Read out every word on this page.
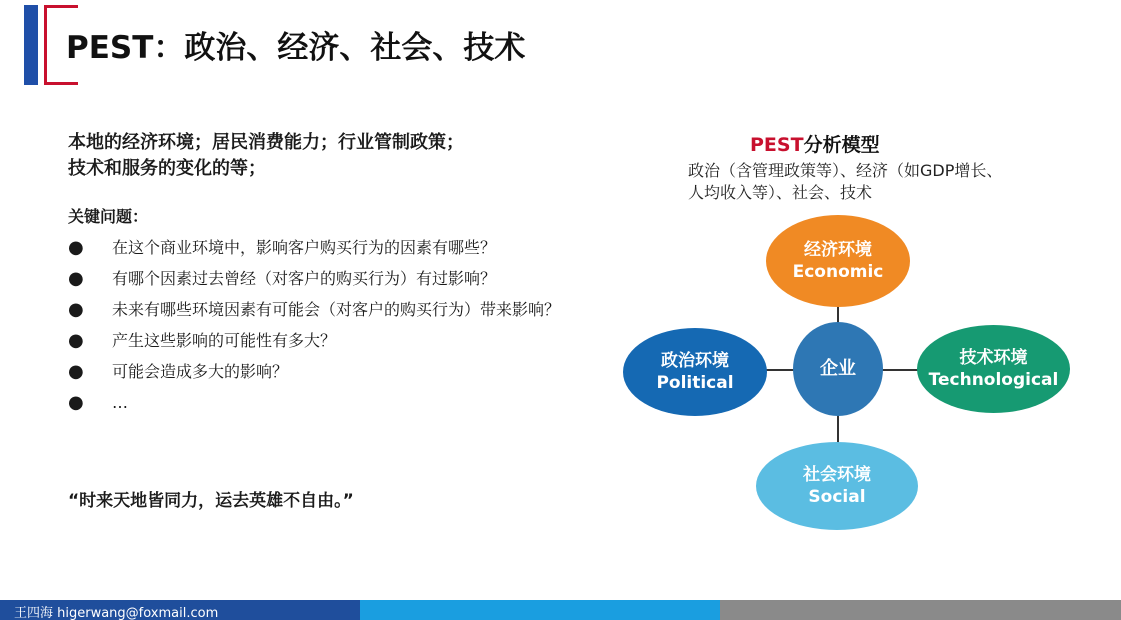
PEST：政治、经济、社会、技术
本地的经济环境；居民消费能力；行业管制政策；
技术和服务的变化的等；
关键问题：
● 在这个商业环境中，影响客户购买行为的因素有哪些？
● 有哪个因素过去曾经（对客户的购买行为）有过影响？
● 未来有哪些环境因素有可能会（对客户的购买行为）带来影响？
● 产生这些影响的可能性有多大？
● 可能会造成多大的影响？
● …
“时来天地皆同力，运去英雄不自由。”
PEST分析模型
政治（含管理政策等）、经济（如GDP增长、人均收入等）、社会、技术
经济环境
Economic
政治环境
Political
技术环境
Technological
社会环境
Social
企业
王四海 higerwang@foxmail.com
